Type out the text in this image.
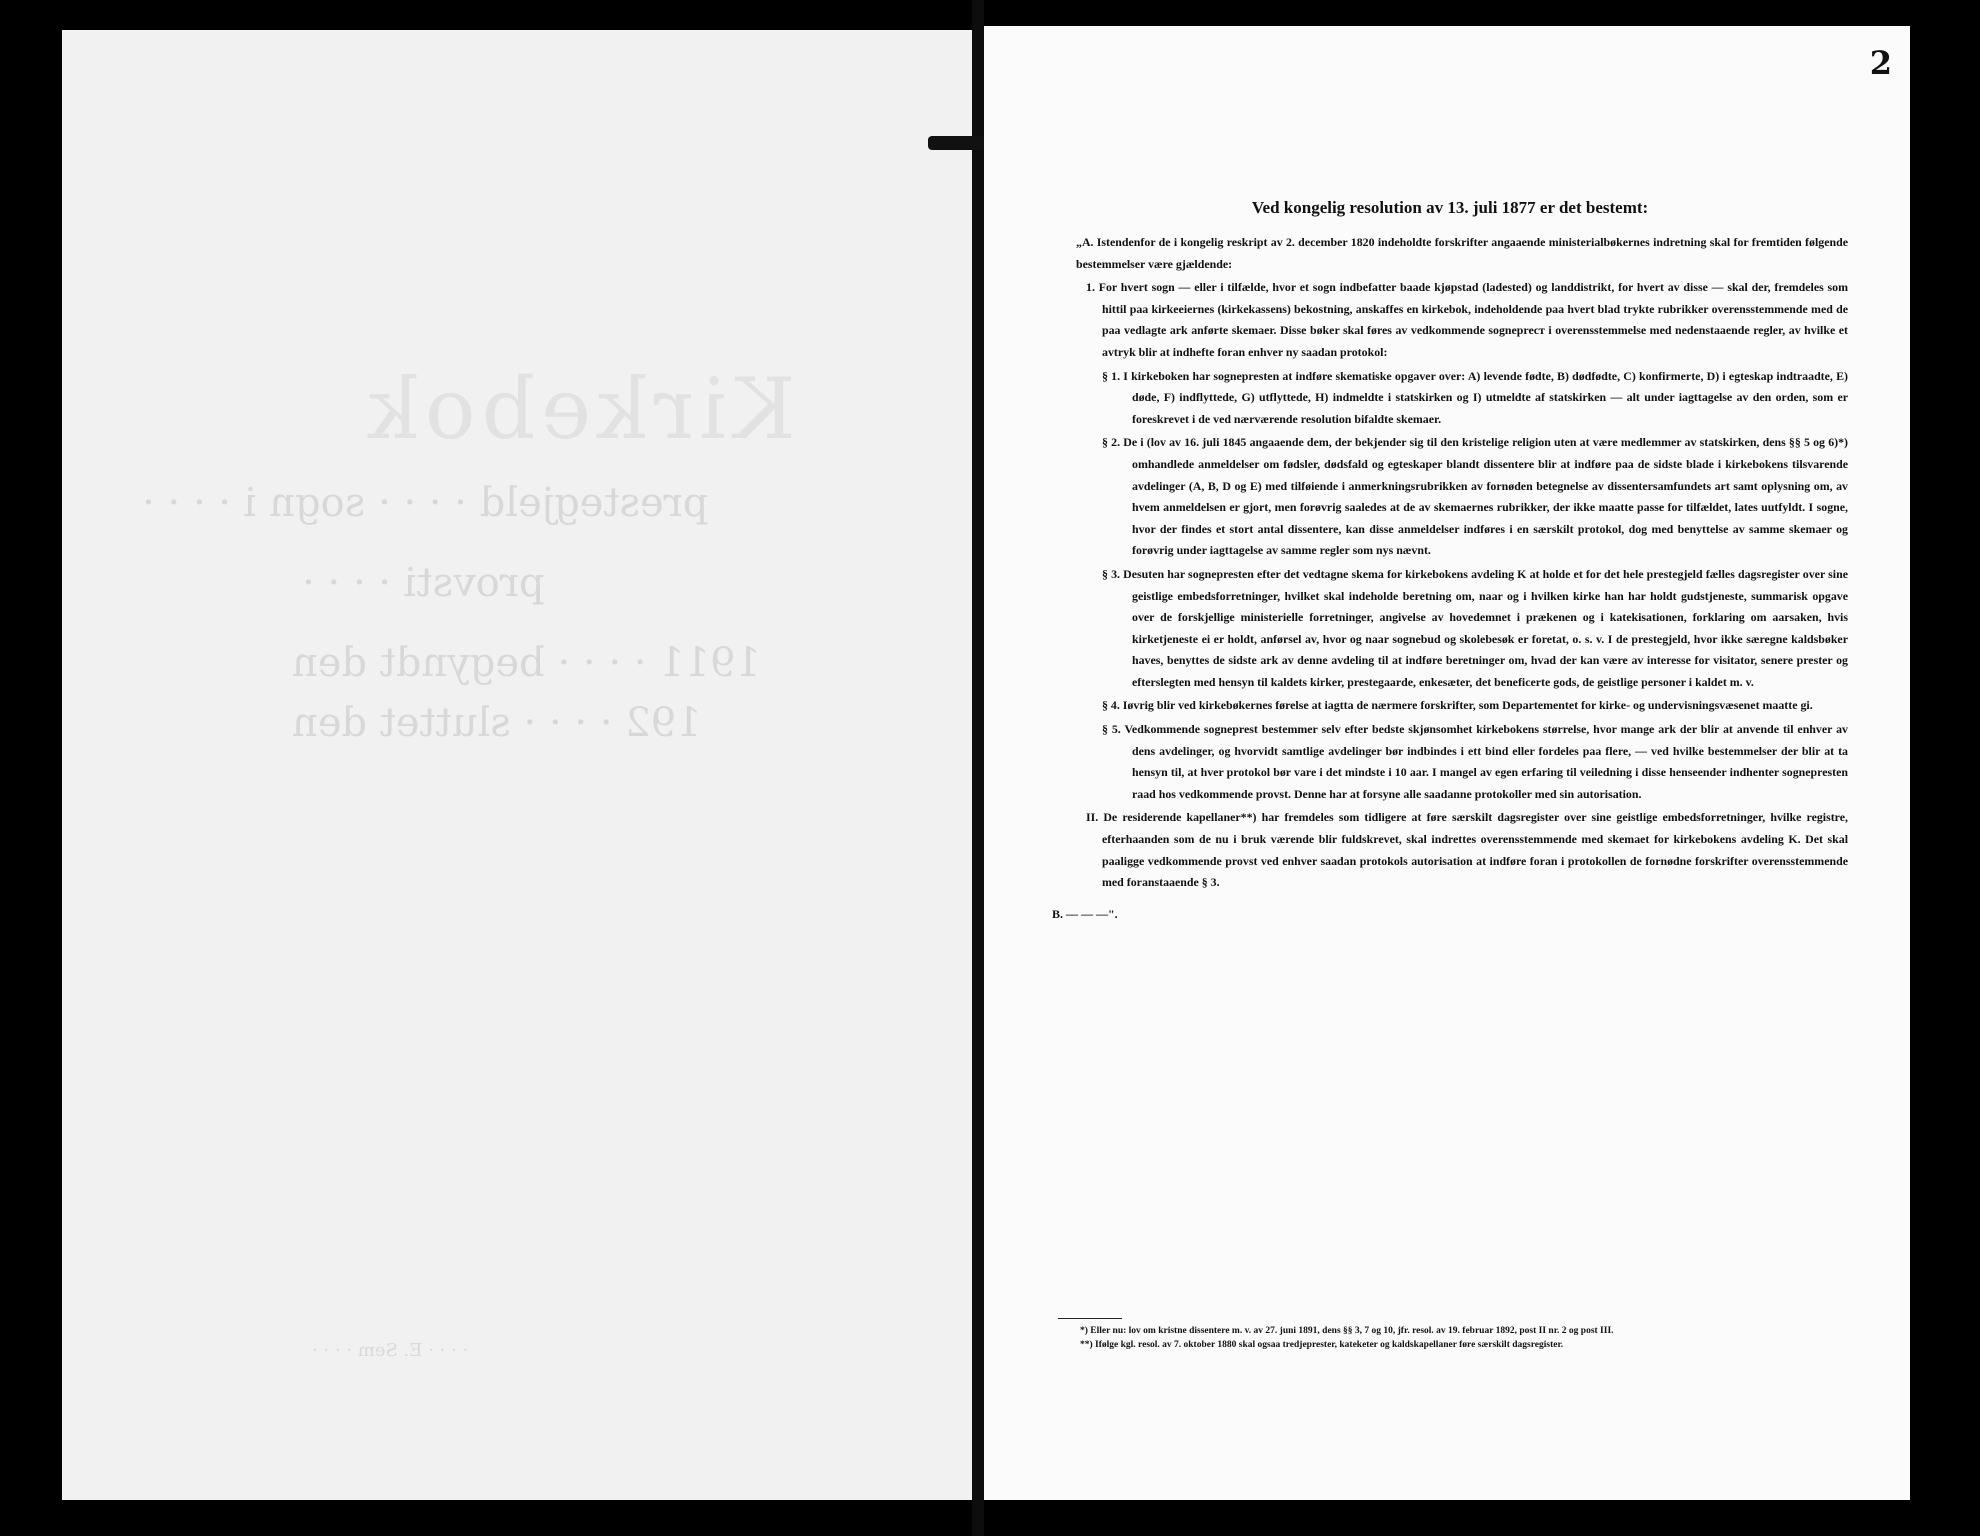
Kirkebok
prestegjeld · · · · sogn i · · · ·
provsti · · · ·
1911 · · · · begyndt den
192 · · · · sluttet den
· · · · E. Sem · · · ·
2

Ved kongelig resolution av 13. juli 1877 er det bestemt:

„A. Istendenfor de i kongelig reskript av 2. december 1820 indeholdte forskrifter angaaende ministerialbøkernes indretning skal for fremtiden følgende bestemmelser være gjældende:

1. For hvert sogn — eller i tilfælde, hvor et sogn indbefatter baade kjøpstad (ladested) og landdistrikt, for hvert av disse — skal der, fremdeles som hittil paa kirkeeiernes (kirkekassens) bekostning, anskaffes en kirkebok, indeholdende paa hvert blad trykte rubrikker overensstemmende med de paa vedlagte ark anførte skemaer. Disse bøker skal føres av vedkommende sognepreст i overensstemmelse med nedenstaaende regler, av hvilke et avtryk blir at indhefte foran enhver ny saadan protokol:

§ 1. I kirkeboken har sognepresten at indføre skematiske opgaver over: A) levende fødte, B) dødfødte, C) konfirmerte, D) i egteskap indtraadte, E) døde, F) indflyttede, G) utflyttede, H) indmeldte i statskirken og I) utmeldte af statskirken — alt under iagttagelse av den orden, som er foreskrevet i de ved nærværende resolution bifaldte skemaer.

§ 2. De i (lov av 16. juli 1845 angaaende dem, der bekjender sig til den kristelige religion uten at være medlemmer av statskirken, dens §§ 5 og 6)*) omhandlede anmeldelser om fødsler, dødsfald og egteskaper blandt dissentere blir at indføre paa de sidste blade i kirkebokens tilsvarende avdelinger (A, B, D og E) med tilføiende i anmerkningsrubrikken av fornøden betegnelse av dissentersamfundets art samt oplysning om, av hvem anmeldelsen er gjort, men forøvrig saaledes at de av skemaernes rubrikker, der ikke maatte passe for tilfældet, lates uutfyldt. I sogne, hvor der findes et stort antal dissentere, kan disse anmeldelser indføres i en særskilt protokol, dog med benyttelse av samme skemaer og forøvrig under iagttagelse av samme regler som nys nævnt.

§ 3. Desuten har sognepresten efter det vedtagne skema for kirkebokens avdeling K at holde et for det hele prestegjeld fælles dagsregister over sine geistlige embedsforretninger, hvilket skal indeholde beretning om, naar og i hvilken kirke han har holdt gudstjeneste, summarisk opgave over de forskjellige ministerielle forretninger, angivelse av hovedemnet i prækenen og i katekisationen, forklaring om aarsaken, hvis kirketjeneste ei er holdt, anførsel av, hvor og naar sognebud og skolebesøk er foretat, o. s. v. I de prestegjeld, hvor ikke særegne kaldsbøker haves, benyttes de sidste ark av denne avdeling til at indføre beretninger om, hvad der kan være av interesse for visitator, senere prester og efterslegten med hensyn til kaldets kirker, prestegaarde, enkesæter, det beneficerte gods, de geistlige personer i kaldet m. v.

§ 4. Iøvrig blir ved kirkebøkernes førelse at iagtta de nærmere forskrifter, som Departementet for kirke- og undervisningsvæsenet maatte gi.

§ 5. Vedkommende sogneprest bestemmer selv efter bedste skjønsomhet kirkebokens størrelse, hvor mange ark der blir at anvende til enhver av dens avdelinger, og hvorvidt samtlige avdelinger bør indbindes i ett bind eller fordeles paa flere, — ved hvilke bestemmelser der blir at ta hensyn til, at hver protokol bør vare i det mindste i 10 aar. I mangel av egen erfaring til veiledning i disse henseender indhenter sognepresten raad hos vedkommende provst. Denne har at forsyne alle saadanne protokoller med sin autorisation.

II. De residerende kapellaner**) har fremdeles som tidligere at føre særskilt dagsregister over sine geistlige embedsforretninger, hvilke registre, efterhaanden som de nu i bruk værende blir fuldskrevet, skal indrettes overensstemmende med skemaet for kirkebokens avdeling K. Det skal paaligge vedkommende provst ved enhver saadan protokols autorisation at indføre foran i protokollen de fornødne forskrifter overensstemmende med foranstaaende § 3.

B. — — —".

*) Eller nu: lov om kristne dissentere m. v. av 27. juni 1891, dens §§ 3, 7 og 10, jfr. resol. av 19. februar 1892, post II nr. 2 og post III.
**) Ifølge kgl. resol. av 7. oktober 1880 skal ogsaa tredjeprester, kateketer og kaldskapellaner føre særskilt dagsregister.
